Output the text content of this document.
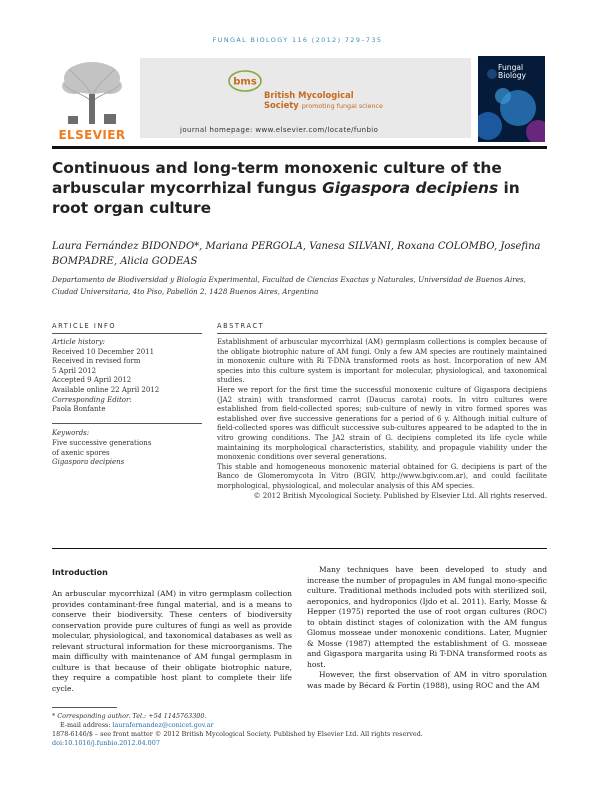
FUNGAL BIOLOGY 116 (2012) 729–735
ELSEVIER
bms
British Mycological
Society promoting fungal science
journal homepage: www.elsevier.com/locate/funbio
Fungal
Biology
Continuous and long-term monoxenic culture of the arbuscular mycorrhizal fungus Gigaspora decipiens in root organ culture
Laura Fernández BIDONDO*, Mariana PERGOLA, Vanesa SILVANI, Roxana COLOMBO, Josefina BOMPADRE, Alicia GODEAS
Departamento de Biodiversidad y Biología Experimental, Facultad de Ciencias Exactas y Naturales, Universidad de Buenos Aires, Ciudad Universitaria, 4to Piso, Pabellón 2, 1428 Buenos Aires, Argentina
ARTICLE INFO	ABSTRACT
Article history:
Received 10 December 2011
Received in revised form
5 April 2012
Accepted 9 April 2012
Available online 22 April 2012
Corresponding Editor:
Paola Bonfante
Keywords:
Five successive generations
of axenic spores
Gigaspora decipiens

Establishment of arbuscular mycorrhizal (AM) germplasm collections is complex because of the obligate biotrophic nature of AM fungi. Only a few AM species are routinely maintained in monoxenic culture with Ri T-DNA transformed roots as host. Incorporation of new AM species into this culture system is important for molecular, physiological, and taxonomical studies.

Here we report for the first time the successful monoxenic culture of Gigaspora decipiens (JA2 strain) with transformed carrot (Daucus carota) roots. In vitro cultures were established from field-collected spores; sub-culture of newly in vitro formed spores was established over five successive generations for a period of 6 y. Although initial culture of field-collected spores was difficult successive sub-cultures appeared to be adapted to the in vitro growing conditions. The JA2 strain of G. decipiens completed its life cycle while maintaining its morphological characteristics, stability, and propagule viability under the monoxenic conditions over several generations.

This stable and homogeneous monoxenic material obtained for G. decipiens is part of the Banco de Glomeromycota In Vitro (BGIV, http://www.bgiv.com.ar), and could facilitate morphological, physiological, and molecular analysis of this AM species.

© 2012 British Mycological Society. Published by Elsevier Ltd. All rights reserved.

Introduction

An arbuscular mycorrhizal (AM) in vitro germplasm collection provides contaminant-free fungal material, and is a means to conserve their biodiversity. These centers of biodiversity conservation provide pure cultures of fungi as well as provide molecular, physiological, and taxonomical databases as well as relevant structural information for these microorganisms. The main difficulty with maintenance of AM fungal germplasm in culture is that because of their obligate biotrophic nature, they require a compatible host plant to complete their life cycle.

Many techniques have been developed to study and increase the number of propagules in AM fungal mono-specific culture. Traditional methods included pots with sterilized soil, aeroponics, and hydroponics (Ijdo et al. 2011). Early, Mosse & Hepper (1975) reported the use of root organ cultures (ROC) to obtain distinct stages of colonization with the AM fungus Glomus mosseae under monoxenic conditions. Later, Mugnier & Mosse (1987) attempted the establishment of G. mosseae and Gigaspora margarita using Ri T-DNA transformed roots as host.

However, the first observation of AM in vitro sporulation was made by Bécard & Fortin (1988), using ROC and the AM

* Corresponding author. Tel.: +54 1145763300.
E-mail address: laurafernandez@conicet.gov.ar
1878-6146/$ – see front matter © 2012 British Mycological Society. Published by Elsevier Ltd. All rights reserved.
doi:10.1016/j.funbio.2012.04.007
